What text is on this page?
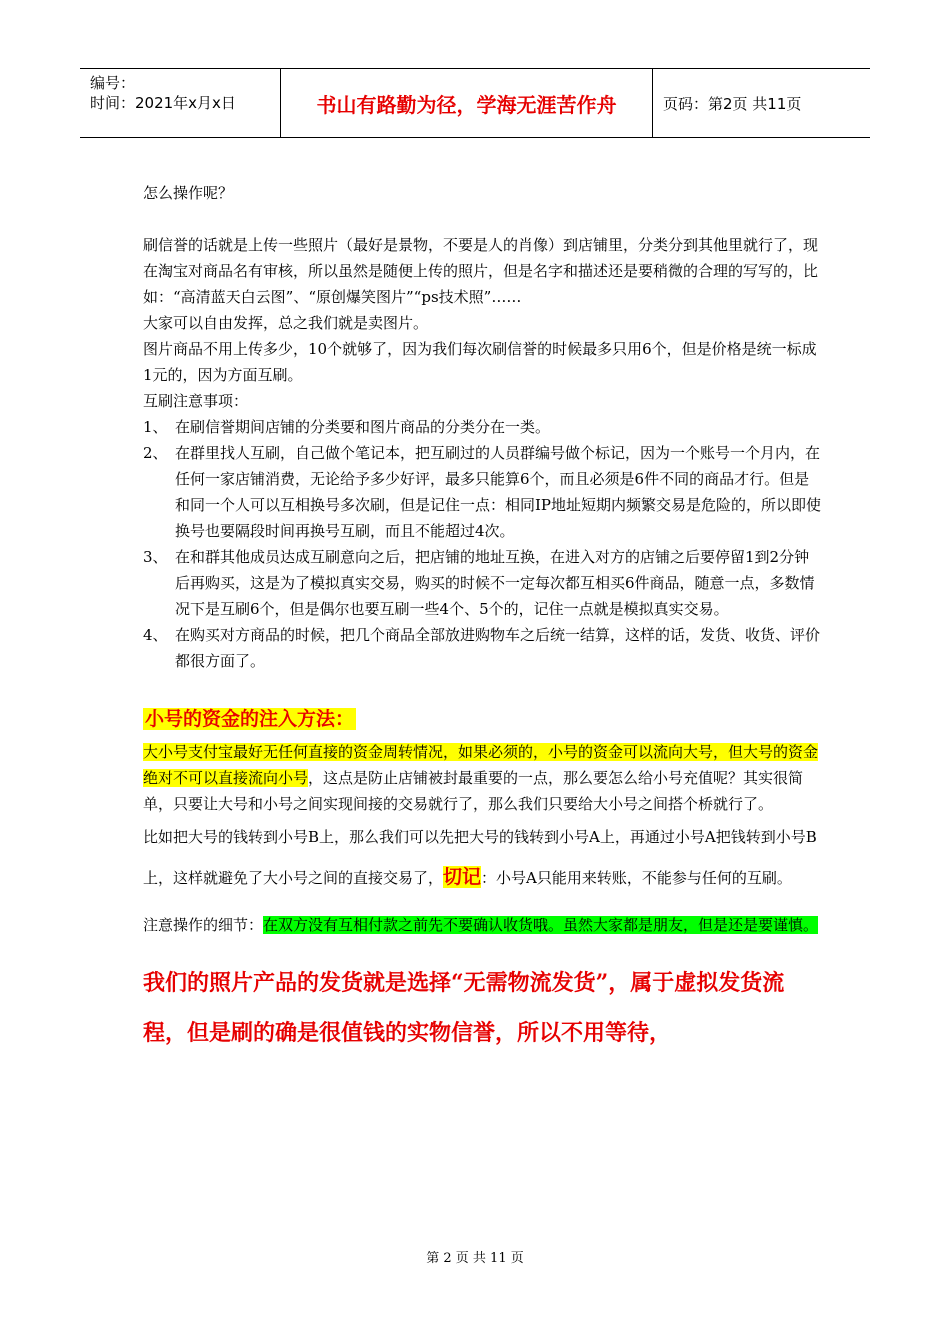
编号：
时间：2021年x月x日	书山有路勤为径，学海无涯苦作舟	页码：第2页 共11页

怎么操作呢？

刷信誉的话就是上传一些照片（最好是景物，不要是人的肖像）到店铺里，分类分到其他里就行了，现在淘宝对商品名有审核，所以虽然是随便上传的照片，但是名字和描述还是要稍微的合理的写写的，比如：“高清蓝天白云图”、“原创爆笑图片”“ps技术照”……

大家可以自由发挥，总之我们就是卖图片。

图片商品不用上传多少，10个就够了，因为我们每次刷信誉的时候最多只用6个，但是价格是统一标成1元的，因为方面互刷。

互刷注意事项：

1、 在刷信誉期间店铺的分类要和图片商品的分类分在一类。
2、 在群里找人互刷，自己做个笔记本，把互刷过的人员群编号做个标记，因为一个账号一个月内，在任何一家店铺消费，无论给予多少好评，最多只能算6个，而且必须是6件不同的商品才行。但是和同一个人可以互相换号多次刷，但是记住一点：相同IP地址短期内频繁交易是危险的，所以即使换号也要隔段时间再换号互刷，而且不能超过4次。
3、 在和群其他成员达成互刷意向之后，把店铺的地址互换，在进入对方的店铺之后要停留1到2分钟后再购买，这是为了模拟真实交易，购买的时候不一定每次都互相买6件商品，随意一点，多数情况下是互刷6个，但是偶尔也要互刷一些4个、5个的，记住一点就是模拟真实交易。
4、 在购买对方商品的时候，把几个商品全部放进购物车之后统一结算，这样的话，发货、收货、评价都很方面了。
小号的资金的注入方法：

大小号支付宝最好无任何直接的资金周转情况，如果必须的，小号的资金可以流向大号，但大号的资金绝对不可以直接流向小号，这点是防止店铺被封最重要的一点，那么要怎么给小号充值呢？其实很简单，只要让大号和小号之间实现间接的交易就行了，那么我们只要给大小号之间搭个桥就行了。

比如把大号的钱转到小号B上，那么我们可以先把大号的钱转到小号A上，再通过小号A把钱转到小号B上，这样就避免了大小号之间的直接交易了，切记：小号A只能用来转账，不能参与任何的互刷。

注意操作的细节：在双方没有互相付款之前先不要确认收货哦。虽然大家都是朋友，但是还是要谨慎。

我们的照片产品的发货就是选择“无需物流发货”，属于虚拟发货流程，但是刷的确是很值钱的实物信誉，所以不用等待，

第 2 页 共 11 页
